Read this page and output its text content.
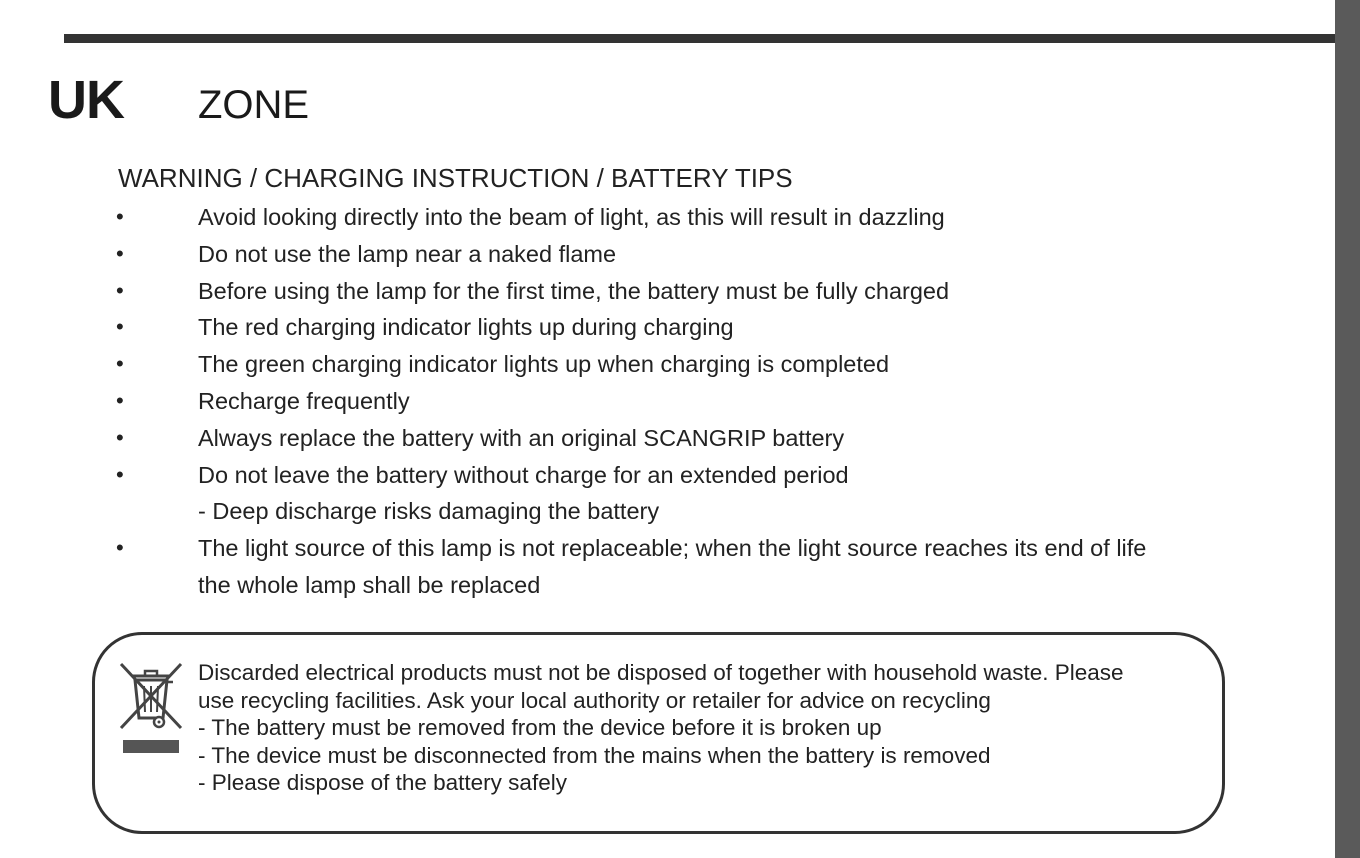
UK ZONE
WARNING / CHARGING INSTRUCTION / BATTERY TIPS
•	Avoid looking directly into the beam of light, as this will result in dazzling
•	Do not use the lamp near a naked flame
•	Before using the lamp for the first time, the battery must be fully charged
•	The red charging indicator lights up during charging
•	The green charging indicator lights up when charging is completed
•	Recharge frequently
•	Always replace the battery with an original SCANGRIP battery
•	Do not leave the battery without charge for an extended period
- Deep discharge risks damaging the battery
•	The light source of this lamp is not replaceable; when the light source reaches its end of life
the whole lamp shall be replaced
Discarded electrical products must not be disposed of together with household waste. Please
use recycling facilities. Ask your local authority or retailer for advice on recycling
- The battery must be removed from the device before it is broken up
- The device must be disconnected from the mains when the battery is removed
- Please dispose of the battery safely
